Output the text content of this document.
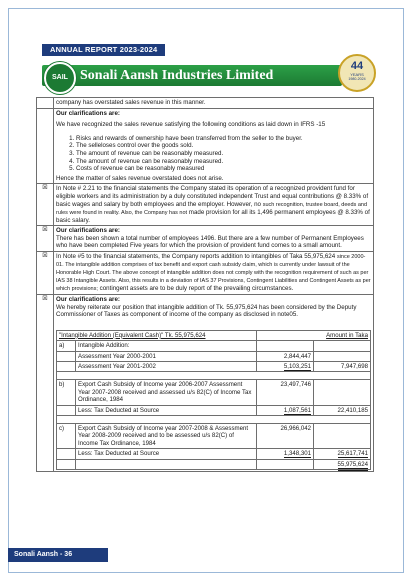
ANNUAL REPORT 2023-2024
SAIL Sonali Aansh Industries Limited
44
YEARS
1980-2024
	company has overstated sales revenue in this manner.

Our clarifications are:

We have recognized the sales revenue satisfying the following conditions as laid down in IFRS -15

1. Risks and rewards of ownership have been transferred from the seller to the buyer.
2. The selleloses control over the goods sold.
3. The amount of revenue can be reasonably measured.
4. The amount of revenue can be reasonably measured.
5. Costs of revenue can be reasonably measured

Hence the matter of sales revenue overstated does not arise.

☒	In Note # 2.21 to the financial statements the Company stated its operation of a recognized provident fund for eligible workers and its administration by a duly constituted independent Trust and equal contributions @ 8.33% of basic wages and salary by both employees and the employer. However, no such recognition, trustee board, deeds and rules were found in reality. Also, the Company has not made provision for all its 1,496 permanent employees @ 8.33% of basic salary.
☒	Our clarifications are:

There has been shown a total number of employees 1496. But there are a few number of Permanent Employees who have been completed Five years for which the provision of provident fund comes to a small amount.

☒	In Note #5 to the financial statements, the Company reports addition to intangibles of Taka 55,975,624 since 2000-01. The intangible addition comprises of tax benefit and export cash subsidy claim, which is currently under lawsuit of the Honorable High Court. The above concept of intangible addition does not comply with the recognition requirement of such as per IAS 38 Intangible Assets. Also, this results in a deviation of IAS 37 Provisions, Contingent Liabilities and Contingent Assets as per which provisions; contingent assets are to be duly report of the prevailing circumstances.
☒	Our clarifications are:

We hereby reiterate our position that intangible addition of Tk. 55,975,624 has been considered by the Deputy Commissioner of Taxes as component of income of the company as disclosed in note05.

"Intangible Addition (Equivalent Cash)" Tk. 55,975,624	Amount in Taka
a)	Intangible Addition:		
	Assessment Year 2000-2001	2,844,447	
	Assessment Year 2001-2002	5,103,251	7,947,698

b)	Export Cash Subsidy of Income year 2006-2007 Assessment Year 2007-2008 received and assessed u/s 82(C) of Income Tax Ordinance, 1984	23,497,746	
	Less: Tax Deducted at Source	1,087,561	22,410,185

c)	Export Cash Subsidy of Income year 2007-2008 & Assessment Year 2008-2009 received and to be assessed u/s 82(C) of Income Tax Ordinance, 1984	26,966,042	
	Less: Tax Deducted at Source	1,348,301	25,617,741
			55,975,624
Sonali Aansh - 36
